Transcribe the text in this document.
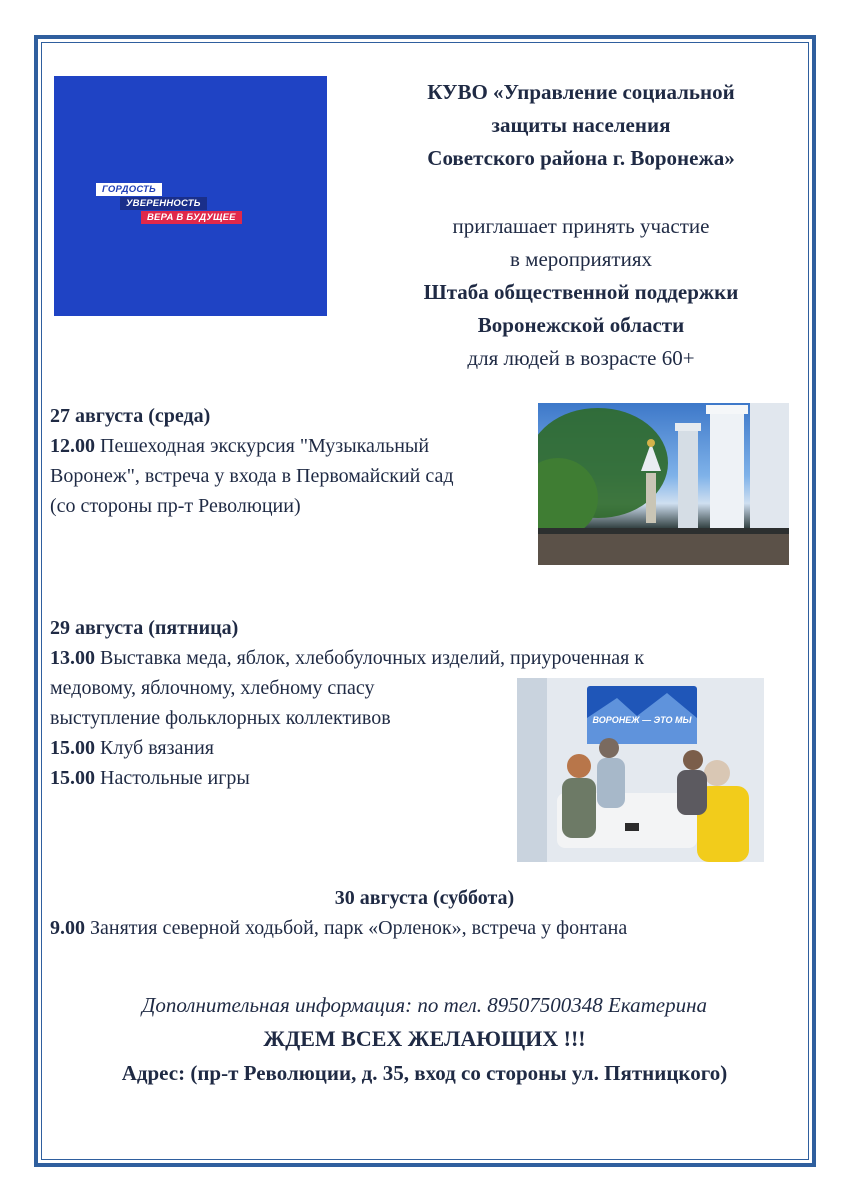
ГОРДОСТЬ
УВЕРЕННОСТЬ
ВЕРА В БУДУЩЕЕ
КУВО «Управление социальной
защиты населения
Советского района г. Воронежа»
приглашает принять участие
в мероприятиях
Штаба общественной поддержки
Воронежской области
для людей в возрасте 60+
27 августа (среда)
12.00 Пешеходная экскурсия "Музыкальный
Воронеж", встреча у входа в Первомайский сад
(со стороны пр-т Революции)
29 августа (пятница)
13.00 Выставка меда, яблок, хлебобулочных изделий, приуроченная к
медовому, яблочному, хлебному спасу
выступление фольклорных коллективов
15.00 Клуб вязания
15.00 Настольные игры
ВОРОНЕЖ — ЭТО МЫ
30 августа (суббота)
9.00 Занятия северной ходьбой, парк «Орленок», встреча у фонтана
Дополнительная информация: по тел. 89507500348 Екатерина
ЖДЕМ ВСЕХ ЖЕЛАЮЩИХ !!!
Адрес: (пр-т Революции, д. 35, вход со стороны ул. Пятницкого)
